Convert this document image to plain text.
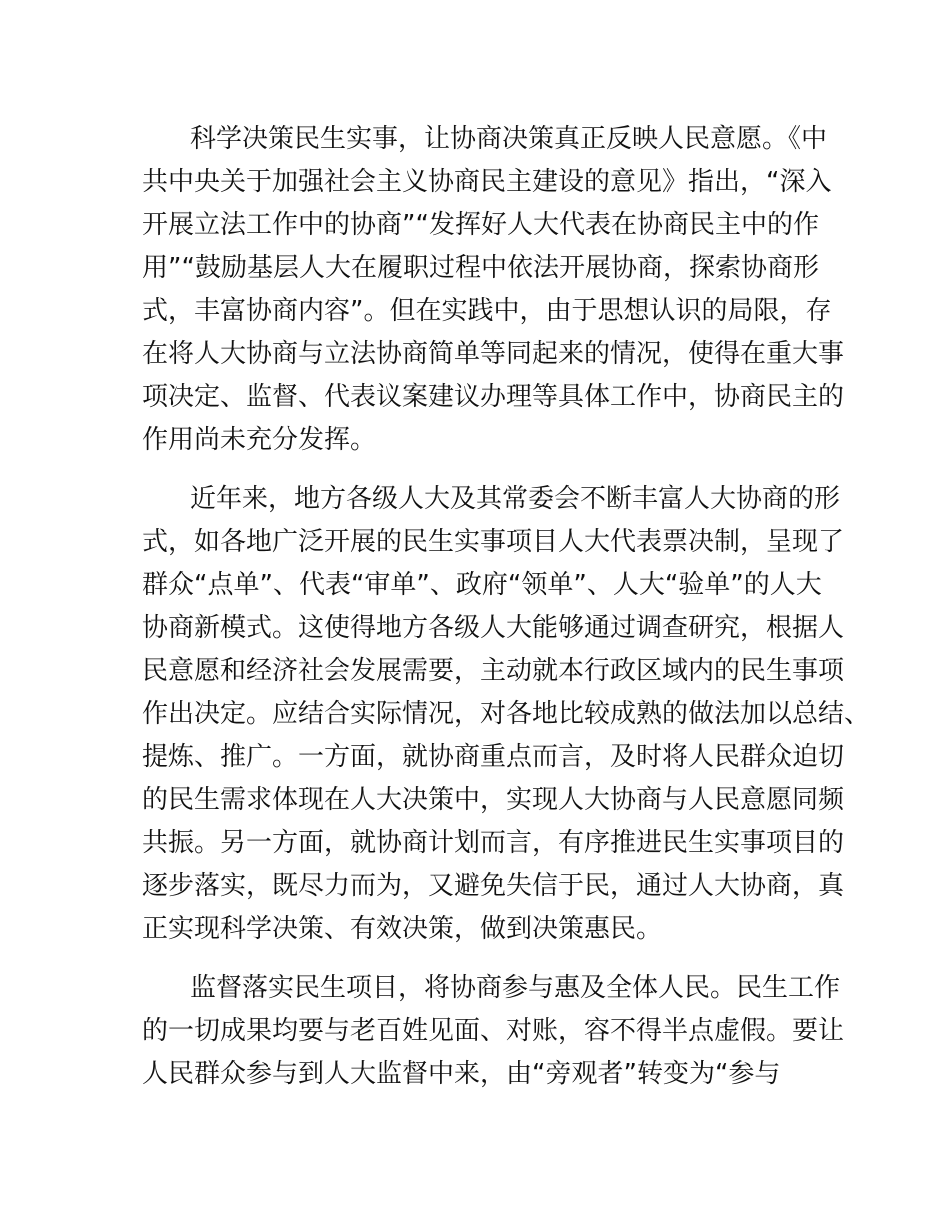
科学决策民生实事，让协商决策真正反映人民意愿。《中
共中央关于加强社会主义协商民主建设的意见》指出，“深入
开展立法工作中的协商”“发挥好人大代表在协商民主中的作
用”“鼓励基层人大在履职过程中依法开展协商，探索协商形
式，丰富协商内容”。但在实践中，由于思想认识的局限，存
在将人大协商与立法协商简单等同起来的情况，使得在重大事
项决定、监督、代表议案建议办理等具体工作中，协商民主的
作用尚未充分发挥。

近年来，地方各级人大及其常委会不断丰富人大协商的形
式，如各地广泛开展的民生实事项目人大代表票决制，呈现了
群众“点单”、代表“审单”、政府“领单”、人大“验单”的人大
协商新模式。这使得地方各级人大能够通过调查研究，根据人
民意愿和经济社会发展需要，主动就本行政区域内的民生事项
作出决定。应结合实际情况，对各地比较成熟的做法加以总结、
提炼、推广。一方面，就协商重点而言，及时将人民群众迫切
的民生需求体现在人大决策中，实现人大协商与人民意愿同频
共振。另一方面，就协商计划而言，有序推进民生实事项目的
逐步落实，既尽力而为，又避免失信于民，通过人大协商，真
正实现科学决策、有效决策，做到决策惠民。

监督落实民生项目，将协商参与惠及全体人民。民生工作
的一切成果均要与老百姓见面、对账，容不得半点虚假。要让
人民群众参与到人大监督中来，由“旁观者”转变为“参与
